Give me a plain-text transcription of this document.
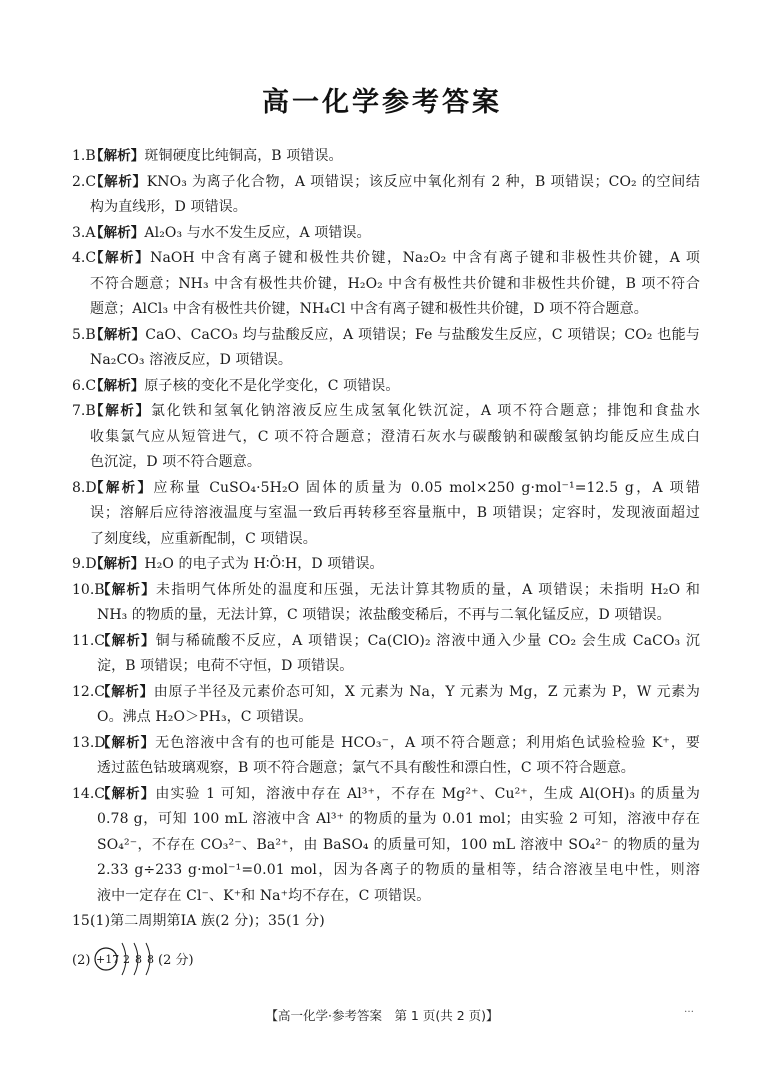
高一化学参考答案
1.B
【解析】斑铜硬度比纯铜高，B 项错误。
2.C
【解析】KNO₃ 为离子化合物，A 项错误；该反应中氧化剂有 2 种，B 项错误；CO₂ 的空间结
构为直线形，D 项错误。
3.A
【解析】Al₂O₃ 与水不发生反应，A 项错误。
4.C
【解析】NaOH 中含有离子键和极性共价键，Na₂O₂ 中含有离子键和非极性共价键，A 项
不符合题意；NH₃ 中含有极性共价键，H₂O₂ 中含有极性共价键和非极性共价键，B 项不符合
题意；AlCl₃ 中含有极性共价键，NH₄Cl 中含有离子键和极性共价键，D 项不符合题意。
5.B
【解析】CaO、CaCO₃ 均与盐酸反应，A 项错误；Fe 与盐酸发生反应，C 项错误；CO₂ 也能与
Na₂CO₃ 溶液反应，D 项错误。
6.C
【解析】原子核的变化不是化学变化，C 项错误。
7.B
【解析】氯化铁和氢氧化钠溶液反应生成氢氧化铁沉淀，A 项不符合题意；排饱和食盐水
收集氯气应从短管进气，C 项不符合题意；澄清石灰水与碳酸钠和碳酸氢钠均能反应生成白
色沉淀，D 项不符合题意。
8.D
【解析】应称量 CuSO₄·5H₂O 固体的质量为 0.05 mol×250 g·mol⁻¹=12.5 g，A 项错
误；溶解后应待溶液温度与室温一致后再转移至容量瓶中，B 项错误；定容时，发现液面超过
了刻度线，应重新配制，C 项错误。
9.D
【解析】H₂O 的电子式为 H∶Ö∶H，D 项错误。
10.B
【解析】未指明气体所处的温度和压强，无法计算其物质的量，A 项错误；未指明 H₂O 和
NH₃ 的物质的量，无法计算，C 项错误；浓盐酸变稀后，不再与二氧化锰反应，D 项错误。
11.C
【解析】铜与稀硫酸不反应，A 项错误；Ca(ClO)₂ 溶液中通入少量 CO₂ 会生成 CaCO₃ 沉
淀，B 项错误；电荷不守恒，D 项错误。
12.C
【解析】由原子半径及元素价态可知，X 元素为 Na，Y 元素为 Mg，Z 元素为 P，W 元素为
O。沸点 H₂O＞PH₃，C 项错误。
13.D
【解析】无色溶液中含有的也可能是 HCO₃⁻，A 项不符合题意；利用焰色试验检验 K⁺，要
透过蓝色钴玻璃观察，B 项不符合题意；氯气不具有酸性和漂白性，C 项不符合题意。
14.C
【解析】由实验 1 可知，溶液中存在 Al³⁺，不存在 Mg²⁺、Cu²⁺，生成 Al(OH)₃ 的质量为
0.78 g，可知 100 mL 溶液中含 Al³⁺ 的物质的量为 0.01 mol；由实验 2 可知，溶液中存在
SO₄²⁻，不存在 CO₃²⁻、Ba²⁺，由 BaSO₄ 的质量可知，100 mL 溶液中 SO₄²⁻ 的物质的量为
2.33 g÷233 g·mol⁻¹=0.01 mol，因为各离子的物质的量相等，结合溶液呈电中性，则溶
液中一定存在 Cl⁻、K⁺和 Na⁺均不存在，C 项错误。
15.
(1)第二周期第ⅠA 族(2 分)；35(1 分)
(2) +17 2 8 8 (2 分)
【高一化学·参考答案　第 1 页(共 2 页)】	…
